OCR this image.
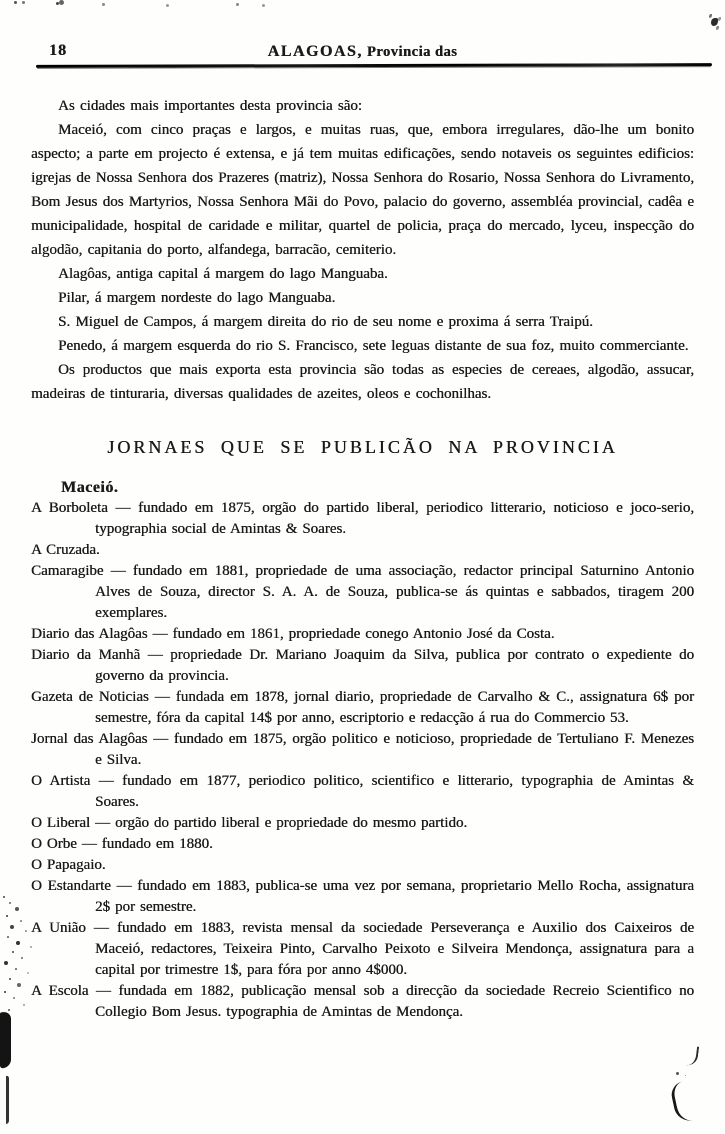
18	ALAGOAS, Provincia das

As cidades mais importantes desta provincia são:

Maceió, com cinco praças e largos, e muitas ruas, que, embora irregulares, dão-lhe um bonito aspecto; a parte em projecto é extensa, e já tem muitas edificações, sendo notaveis os seguintes edificios: igrejas de Nossa Senhora dos Prazeres (matriz), Nossa Senhora do Rosario, Nossa Senhora do Livramento, Bom Jesus dos Martyrios, Nossa Senhora Mãi do Povo, palacio do governo, assembléa provincial, cadêa e municipalidade, hospital de caridade e militar, quartel de policia, praça do mercado, lyceu, inspecção do algodão, capitania do porto, alfandega, barracão, cemiterio.

Alagôas, antiga capital á margem do lago Manguaba.

Pilar, á margem nordeste do lago Manguaba.

S. Miguel de Campos, á margem direita do rio de seu nome e proxima á serra Traipú.

Penedo, á margem esquerda do rio S. Francisco, sete leguas distante de sua foz, muito commerciante.

Os productos que mais exporta esta provincia são todas as especies de cereaes, algodão, assucar, madeiras de tinturaria, diversas qualidades de azeites, oleos e cochonilhas.

JORNAES QUE SE PUBLICÃO NA PROVINCIA
Maceió.

A Borboleta — fundado em 1875, orgão do partido liberal, periodico litterario, noticioso e joco-serio, typographia social de Amintas & Soares.

A Cruzada.

Camaragibe — fundado em 1881, propriedade de uma associação, redactor principal Saturnino Antonio Alves de Souza, director S. A. A. de Souza, publica-se ás quintas e sabbados, tiragem 200 exemplares.

Diario das Alagôas — fundado em 1861, propriedade conego Antonio José da Costa.

Diario da Manhã — propriedade Dr. Mariano Joaquim da Silva, publica por contrato o expediente do governo da provincia.

Gazeta de Noticias — fundada em 1878, jornal diario, propriedade de Carvalho & C., assignatura 6$ por semestre, fóra da capital 14$ por anno, escriptorio e redacção á rua do Commercio 53.

Jornal das Alagôas — fundado em 1875, orgão politico e noticioso, propriedade de Tertuliano F. Menezes e Silva.

O Artista — fundado em 1877, periodico politico, scientifico e litterario, typographia de Amintas & Soares.

O Liberal — orgão do partido liberal e propriedade do mesmo partido.

O Orbe — fundado em 1880.

O Papagaio.

O Estandarte — fundado em 1883, publica-se uma vez por semana, proprietario Mello Rocha, assignatura 2$ por semestre.

A União — fundado em 1883, revista mensal da sociedade Perseverança e Auxilio dos Caixeiros de Maceió, redactores, Teixeira Pinto, Carvalho Peixoto e Silveira Mendonça, assignatura para a capital por trimestre 1$, para fóra por anno 4$000.

A Escola — fundada em 1882, publicação mensal sob a direcção da sociedade Recreio Scientifico no Collegio Bom Jesus. typographia de Amintas de Mendonça.
